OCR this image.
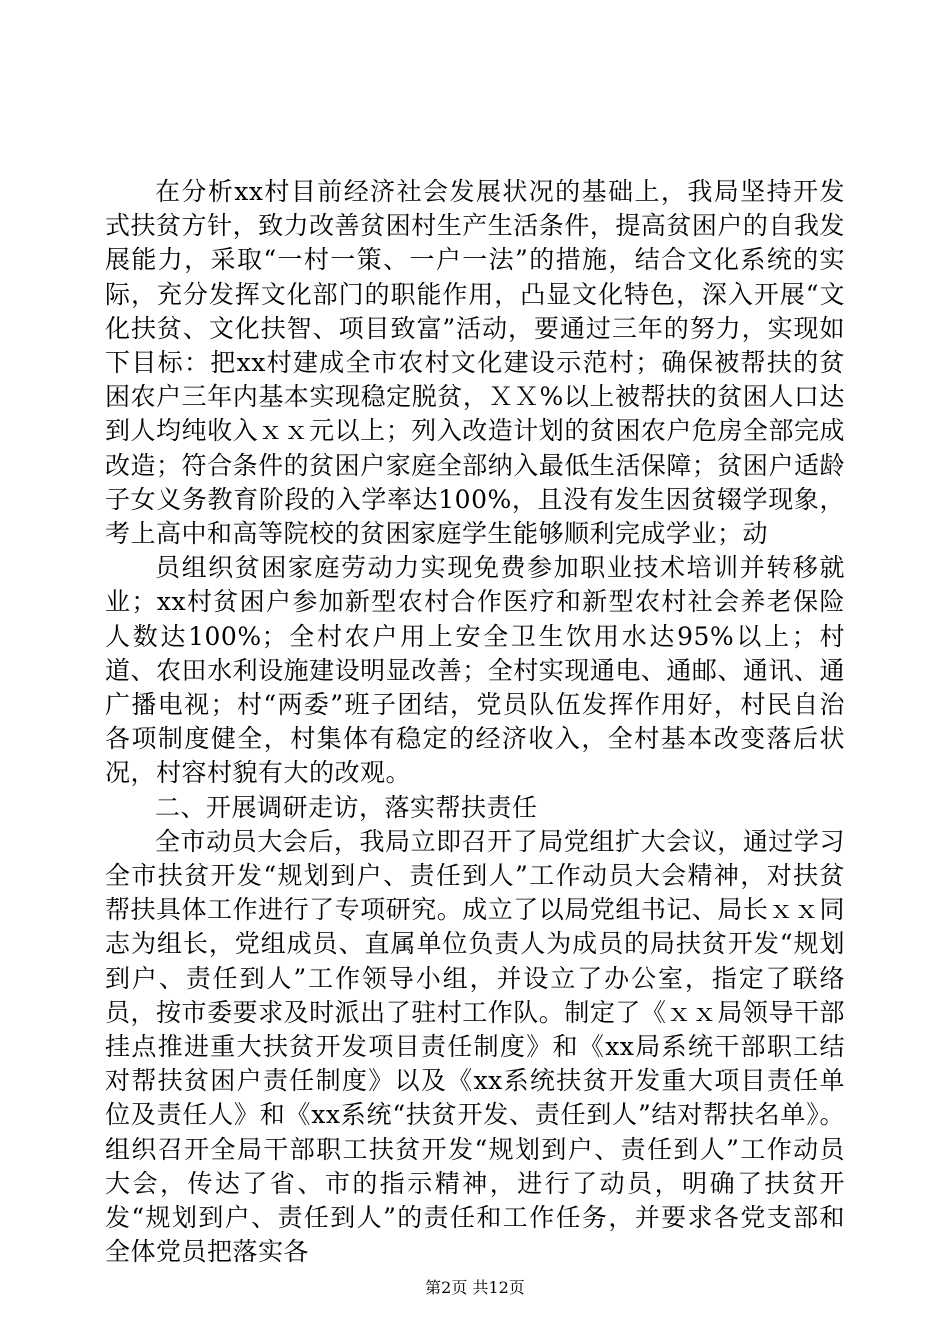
在分析xx村目前经济社会发展状况的基础上，我局坚持开发式扶贫方针，致力改善贫困村生产生活条件，提高贫困户的自我发展能力，采取“一村一策、一户一法”的措施，结合文化系统的实际，充分发挥文化部门的职能作用，凸显文化特色，深入开展“文化扶贫、文化扶智、项目致富”活动，要通过三年的努力，实现如下目标：把xx村建成全市农村文化建设示范村；确保被帮扶的贫困农户三年内基本实现稳定脱贫，ＸＸ%以上被帮扶的贫困人口达到人均纯收入ｘｘ元以上；列入改造计划的贫困农户危房全部完成改造；符合条件的贫困户家庭全部纳入最低生活保障；贫困户适龄子女义务教育阶段的入学率达100%，且没有发生因贫辍学现象，考上高中和高等院校的贫困家庭学生能够顺利完成学业；动

员组织贫困家庭劳动力实现免费参加职业技术培训并转移就业；xx村贫困户参加新型农村合作医疗和新型农村社会养老保险人数达100%；全村农户用上安全卫生饮用水达95%以上；村道、农田水利设施建设明显改善；全村实现通电、通邮、通讯、通广播电视；村“两委”班子团结，党员队伍发挥作用好，村民自治各项制度健全，村集体有稳定的经济收入，全村基本改变落后状况，村容村貌有大的改观。

二、开展调研走访，落实帮扶责任

全市动员大会后，我局立即召开了局党组扩大会议，通过学习全市扶贫开发“规划到户、责任到人”工作动员大会精神，对扶贫帮扶具体工作进行了专项研究。成立了以局党组书记、局长ｘｘ同志为组长，党组成员、直属单位负责人为成员的局扶贫开发“规划到户、责任到人”工作领导小组，并设立了办公室，指定了联络员，按市委要求及时派出了驻村工作队。制定了《ｘｘ局领导干部挂点推进重大扶贫开发项目责任制度》和《xx局系统干部职工结对帮扶贫困户责任制度》以及《xx系统扶贫开发重大项目责任单位及责任人》和《xx系统“扶贫开发、责任到人”结对帮扶名单》。组织召开全局干部职工扶贫开发“规划到户、责任到人”工作动员大会，传达了省、市的指示精神，进行了动员，明确了扶贫开发“规划到户、责任到人”的责任和工作任务，并要求各党支部和全体党员把落实各

第2页 共12页
